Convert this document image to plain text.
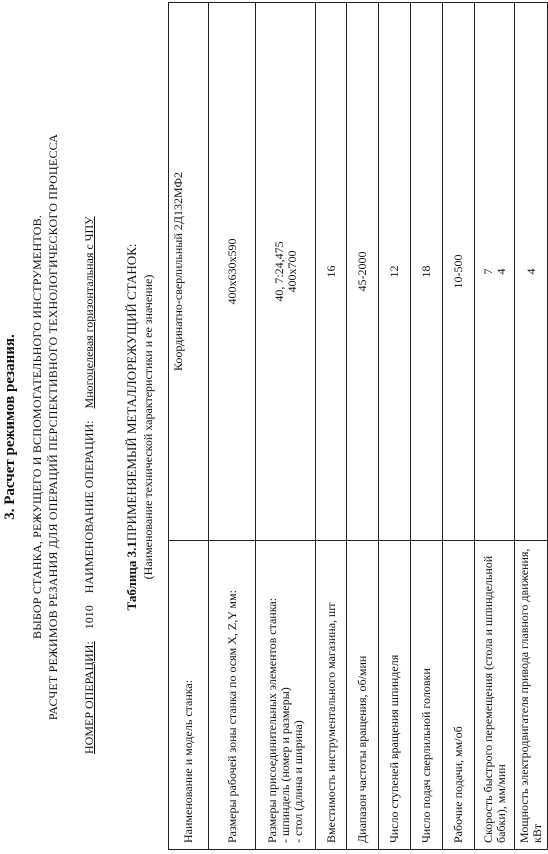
3. Расчет режимов резания. ВЫБОР СТАНКА, РЕЖУЩЕГО И ВСПОМОГАТЕЛЬНОГО ИНСТРУМЕНТОВ. РАСЧЕТ РЕЖИМОВ РЕЗАНИЯ ДЛЯ ОПЕРАЦИЙ ПЕРСПЕКТИВНОГО ТЕХНОЛОГИЧЕСКОГО ПРОЦЕССА НОМЕР ОПЕРАЦИИ:1010НАИМЕНОВАНИЕ ОПЕРАЦИИ:Многоцелевая горизонтальная с ЧПУ
Таблица 3.1ПРИМЕНЯЕМЫЙ МЕТАЛЛОРЕЖУЩИЙ СТАНОК: (Наименование технической характеристики и ее значение)
Наименование и модель станка:	Координатно-сверлильный 2Д132МФ2
Размеры рабочей зоны станка по осям X, Z,Y мм:	400х630х590

Размеры присоединительных элементов станка: - шпиндель (номер и размеры) - стол (длина и ширина)	40, 7:24,475 400х700

Вместимость инструментального магазина, шт	16
Диапазон частоты вращения, об/мин	45-2000
Число ступеней вращения шпинделя	12
Число подач сверлильной головки	18
Рабочие подачи, мм/об	10-500
Скорость быстрого перемещения (стола и шпиндельной бабки), мм/мин	7 4

Мощность электродвигателя привода главного движения, кВт	4
